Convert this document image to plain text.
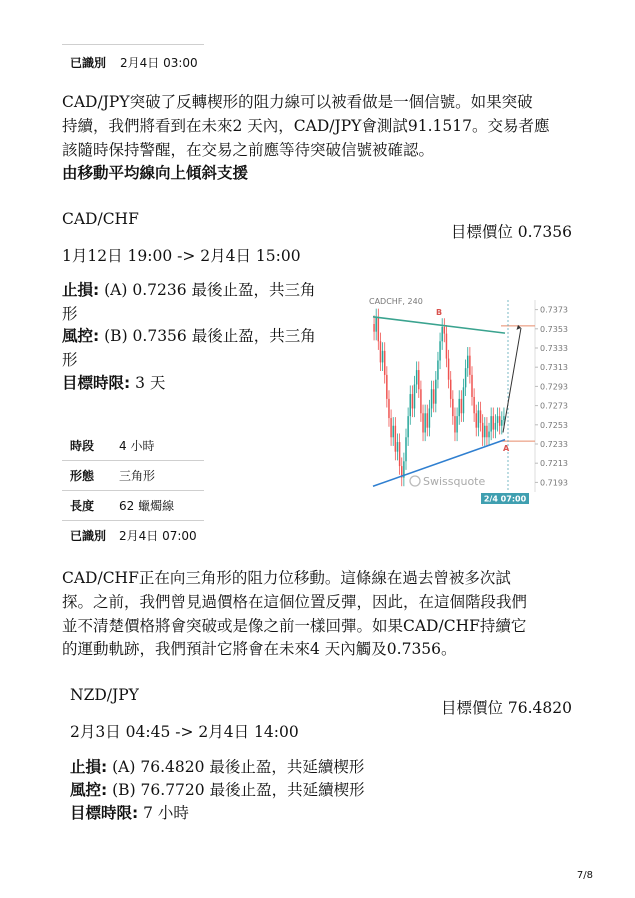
已識別 2月4日 03:00
CAD/JPY突破了反轉楔形的阻力線可以被看做是一個信號。如果突破
持續，我們將看到在未來2 天內，CAD/JPY會測試91.1517。交易者應
該隨時保持警醒，在交易之前應等待突破信號被確認。
由移動平均線向上傾斜支援
CAD/CHF
目標價位 0.7356
1月12日 19:00 -> 2月4日 15:00
止損: (A) 0.7236 最後止盈，共三角
形
風控: (B) 0.7356 最後止盈，共三角
形
目標時限: 3 天
時段 4 小時
形態 三角形
長度 62 蠟燭線
已識別 2月4日 07:00
CADCHF, 240
0.7373
0.7353
0.7333
0.7313
0.7293
0.7273
0.7253
0.7233
0.7213
0.7193
B
A
Swissquote
2/4 07:00
CAD/CHF正在向三角形的阻力位移動。這條線在過去曾被多次試
探。之前，我們曾見過價格在這個位置反彈，因此，在這個階段我們
並不清楚價格將會突破或是像之前一樣回彈。如果CAD/CHF持續它
的運動軌跡，我們預計它將會在未來4 天內觸及0.7356。
NZD/JPY
目標價位 76.4820
2月3日 04:45 -> 2月4日 14:00
止損: (A) 76.4820 最後止盈，共延續楔形
風控: (B) 76.7720 最後止盈，共延續楔形
目標時限: 7 小時
7/8
